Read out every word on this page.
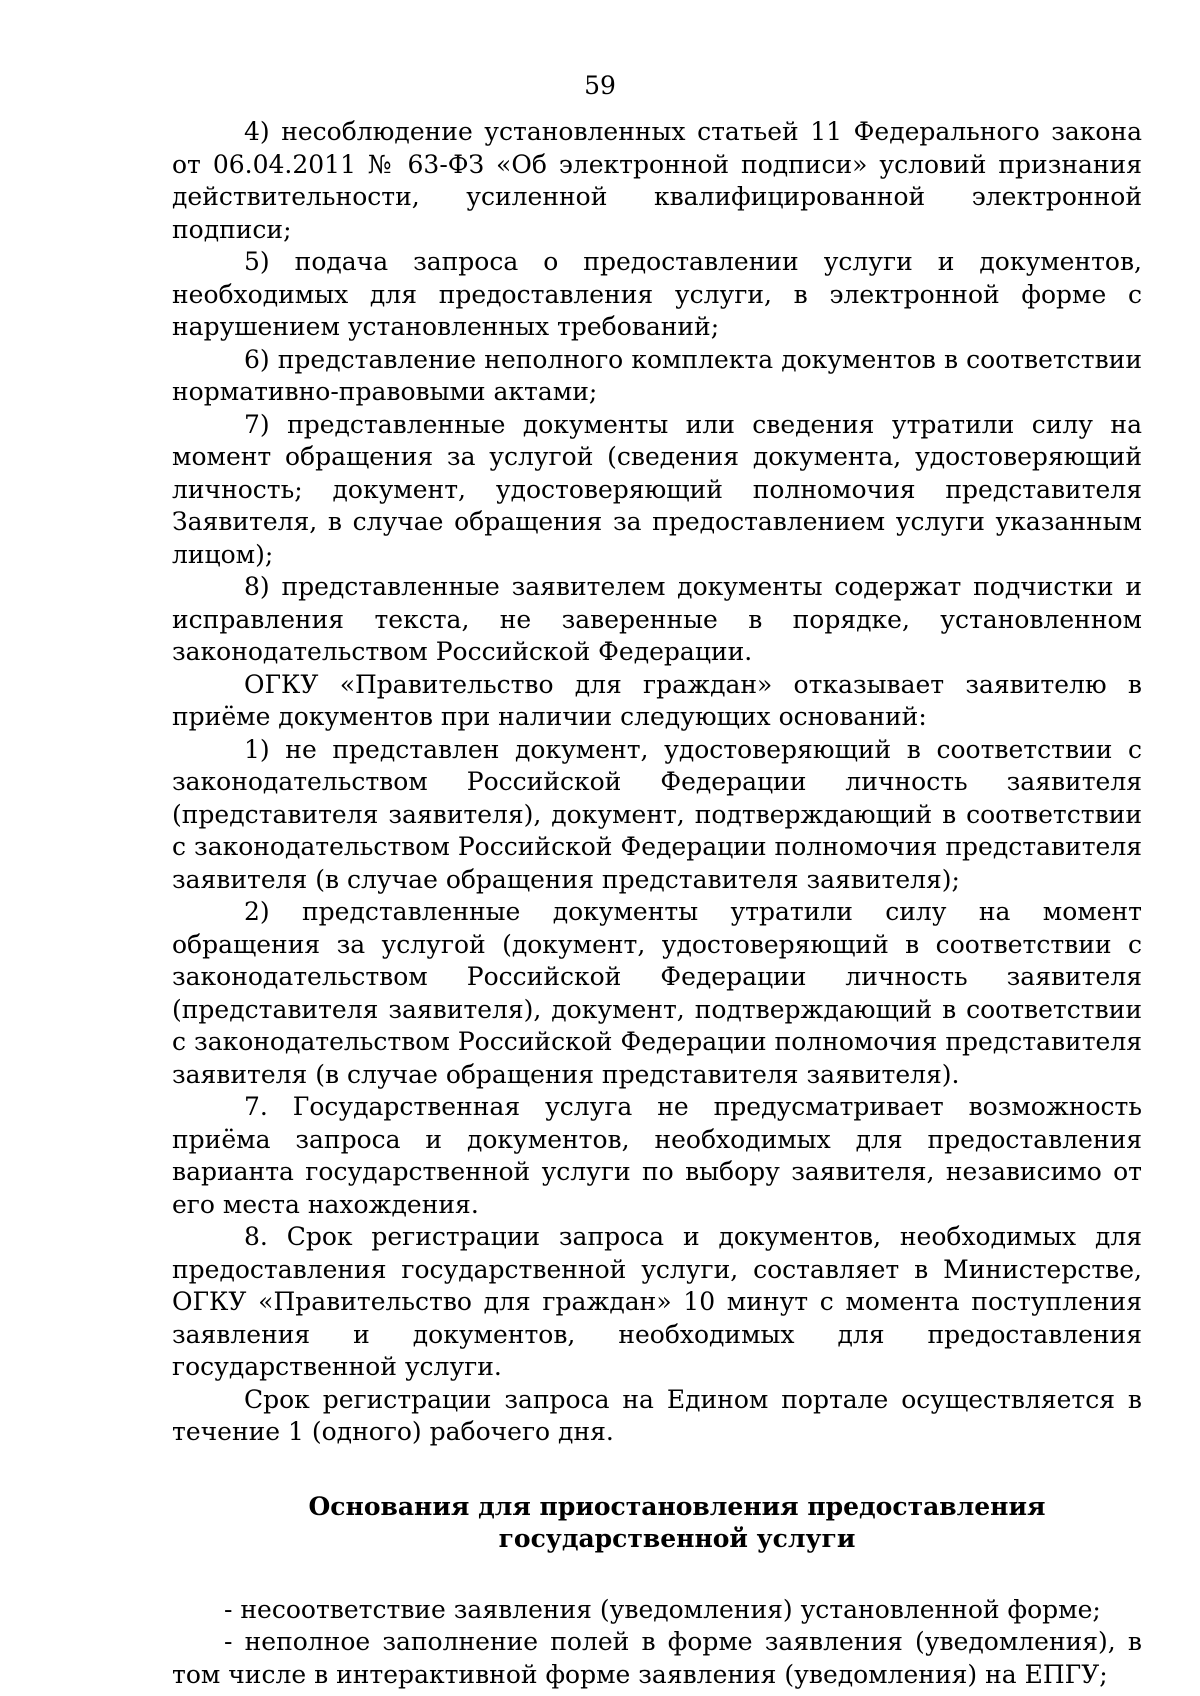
59

4) несоблюдение установленных статьей 11 Федерального закона от 06.04.2011 № 63-ФЗ «Об электронной подписи» условий признания действительности, усиленной квалифицированной электронной подписи;

5) подача запроса о предоставлении услуги и документов, необходимых для предоставления услуги, в электронной форме с нарушением установленных требований;

6) представление неполного комплекта документов в соответствии нормативно-правовыми актами;

7) представленные документы или сведения утратили силу на момент обращения за услугой (сведения документа, удостоверяющий личность; документ, удостоверяющий полномочия представителя Заявителя, в случае обращения за предоставлением услуги указанным лицом);

8) представленные заявителем документы содержат подчистки и исправления текста, не заверенные в порядке, установленном законодательством Российской Федерации.

ОГКУ «Правительство для граждан» отказывает заявителю в приёме документов при наличии следующих оснований:

1) не представлен документ, удостоверяющий в соответствии с законодательством Российской Федерации личность заявителя (представителя заявителя), документ, подтверждающий в соответствии с законодательством Российской Федерации полномочия представителя заявителя (в случае обращения представителя заявителя);

2) представленные документы утратили силу на момент обращения за услугой (документ, удостоверяющий в соответствии с законодательством Российской Федерации личность заявителя (представителя заявителя), документ, подтверждающий в соответствии с законодательством Российской Федерации полномочия представителя заявителя (в случае обращения представителя заявителя).

7. Государственная услуга не предусматривает возможность приёма запроса и документов, необходимых для предоставления варианта государственной услуги по выбору заявителя, независимо от его места нахождения.

8. Срок регистрации запроса и документов, необходимых для предоставления государственной услуги, составляет в Министерстве, ОГКУ «Правительство для граждан» 10 минут с момента поступления заявления и документов, необходимых для предоставления государственной услуги.

Срок регистрации запроса на Едином портале осуществляется в течение 1 (одного) рабочего дня.

Основания для приостановления предоставления государственной услуги

- несоответствие заявления (уведомления) установленной форме;

- неполное заполнение полей в форме заявления (уведомления), в том числе в интерактивной форме заявления (уведомления) на ЕПГУ;
